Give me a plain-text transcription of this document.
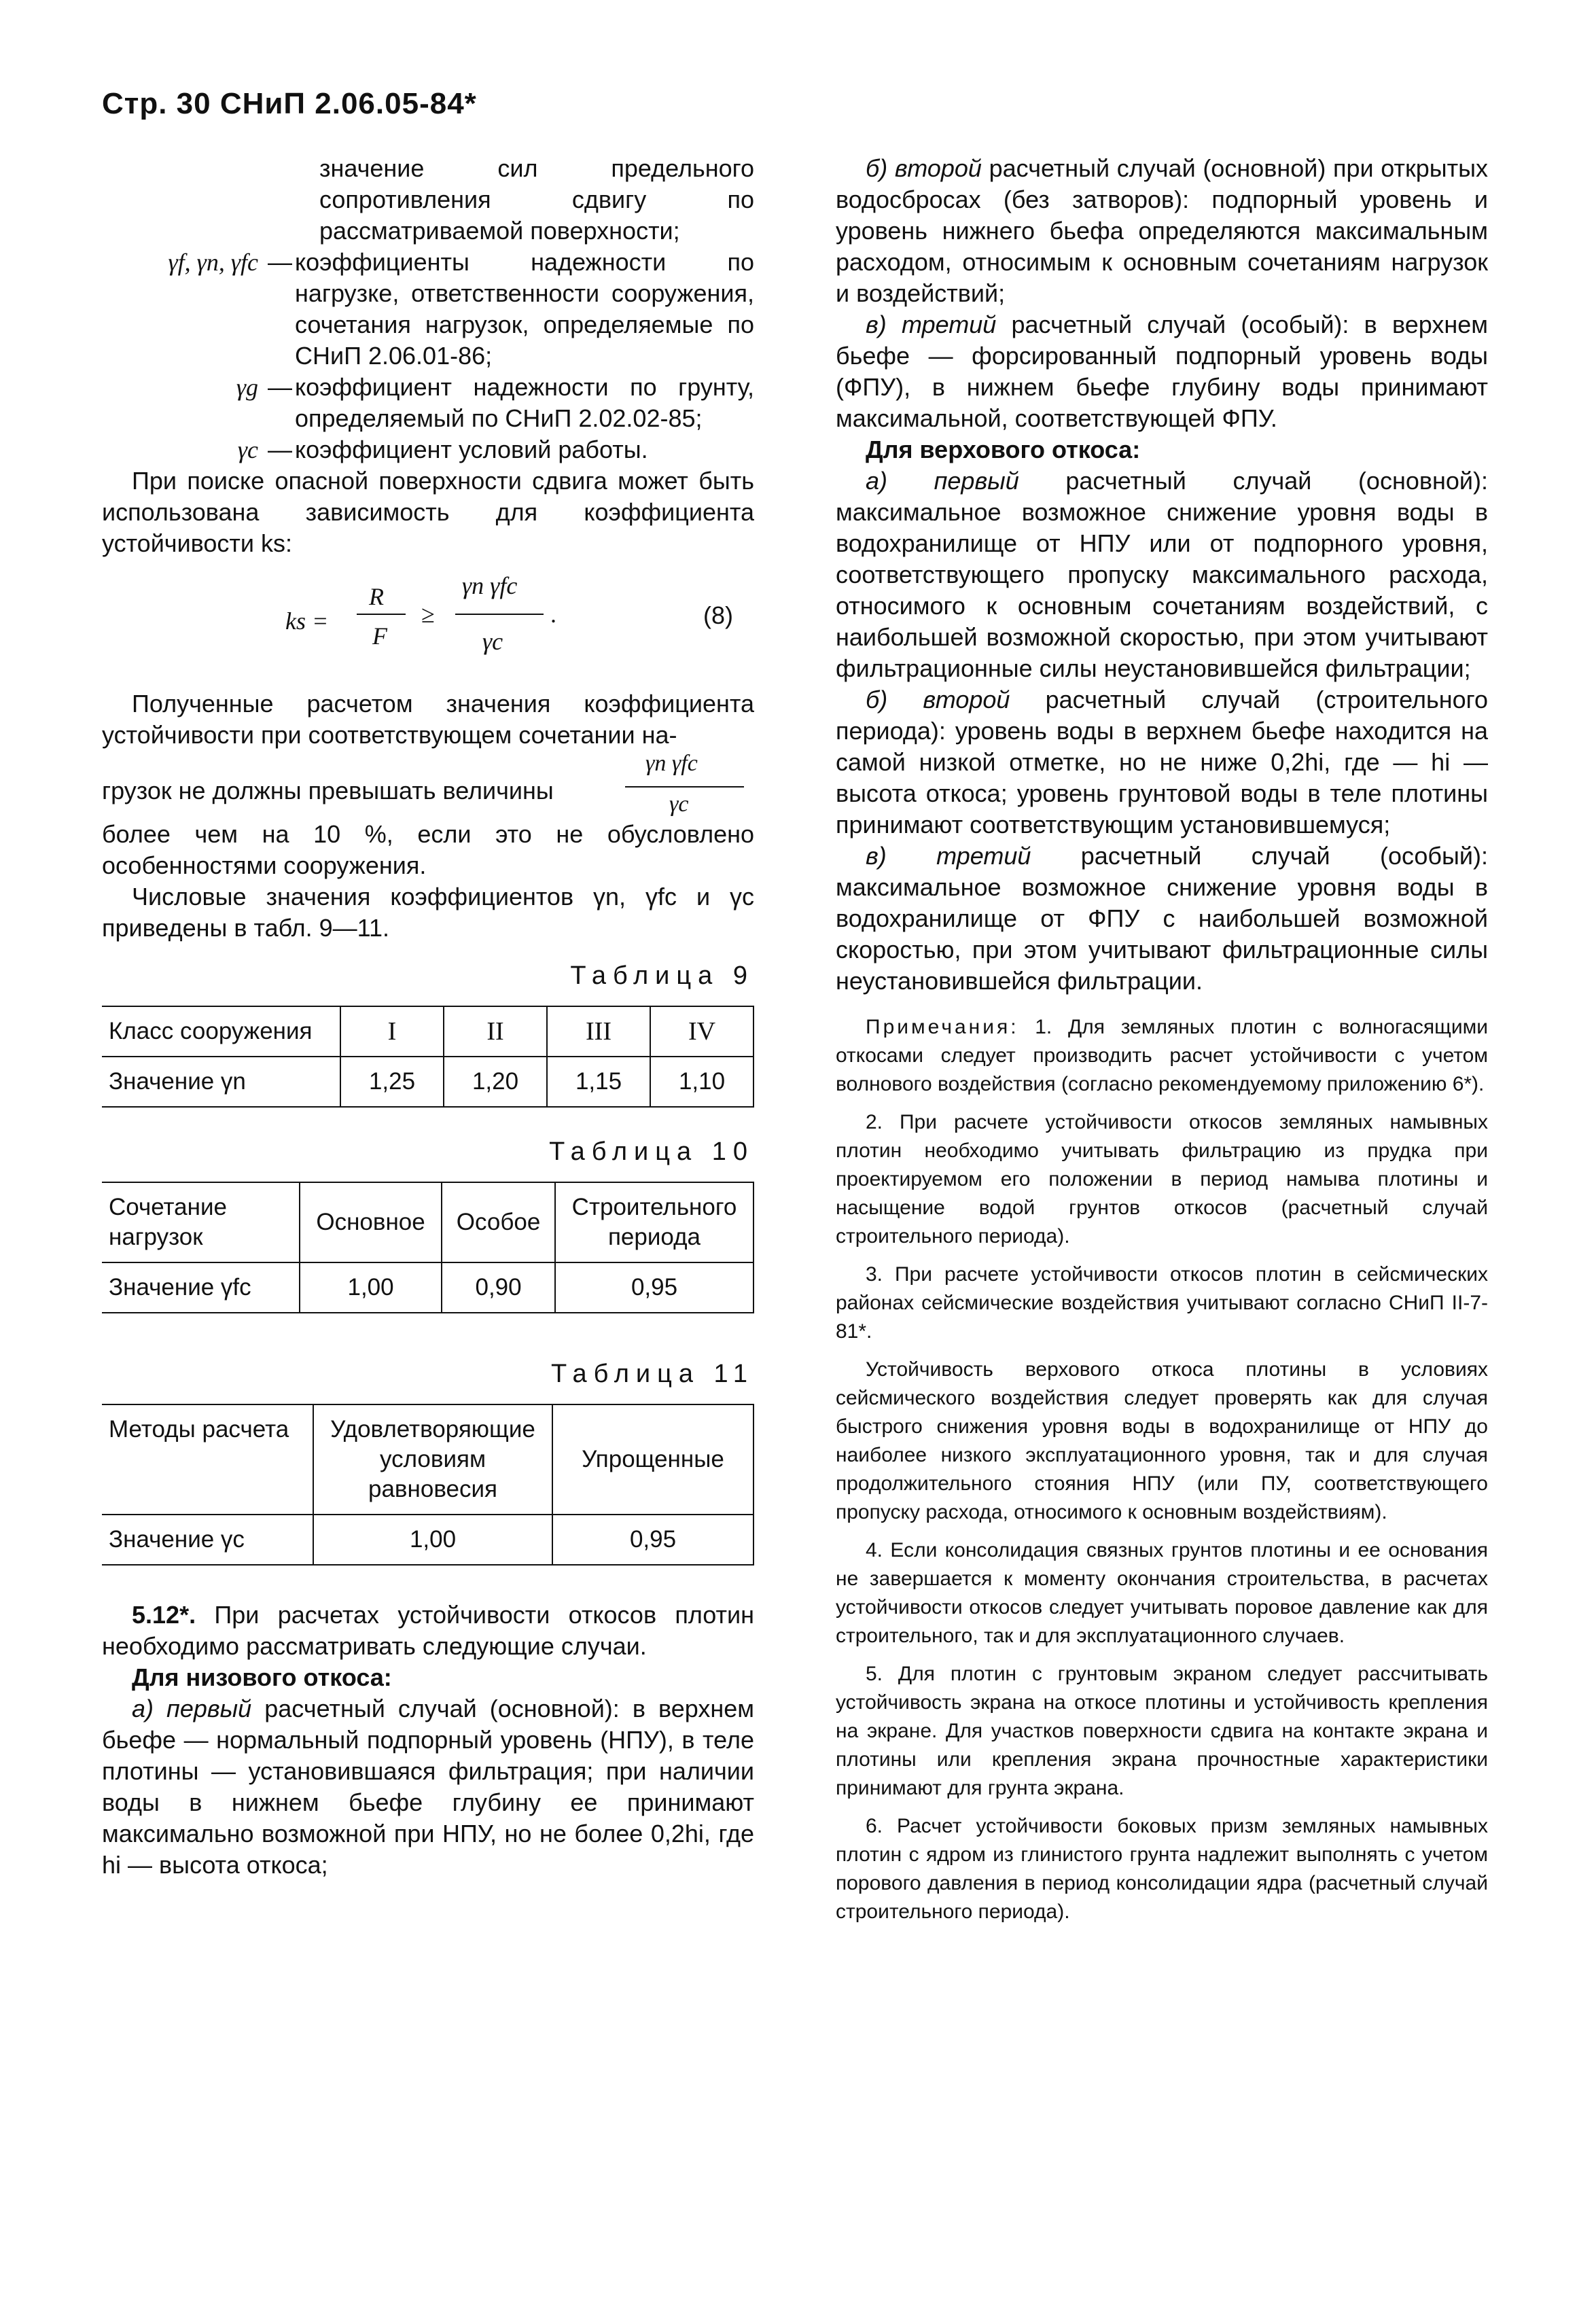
Стр. 30 СНиП 2.06.05-84*

значение сил предельного сопротивления сдвигу по рассматриваемой поверхности;

γf, γn, γfc — коэффициенты надежности по нагрузке, ответственности сооружения, сочетания нагрузок, определяемые по СНиП 2.06.01-86;
γg — коэффициент надежности по грунту, определяемый по СНиП 2.02.02-85;
γc — коэффициент условий работы.

При поиске опасной поверхности сдвига может быть использована зависимость для коэффициента устойчивости ks:

ks =
R
F
≥
γn γfc
γc
.	(8)

Полученные расчетом значения коэффициента устойчивости при соответствующем сочетании на-

грузок не должны превышать величины
γn γfc
γc

более чем на 10 %, если это не обусловлено особенностями сооружения.

Числовые значения коэффициентов γn, γfc и γc приведены в табл. 9—11.

Таблица 9
Класс сооружения	I	II	III	IV
Значение γn	1,25	1,20	1,15	1,10
Таблица 10
Сочетание нагрузок	Основное	Особое	Строительного периода
Значение γfc	1,00	0,90	0,95
Таблица 11
Методы расчета	Удовлетворяющие условиям равновесия	Упрощенные
Значение γc	1,00	0,95

5.12*. При расчетах устойчивости откосов плотин необходимо рассматривать следующие случаи.

Для низового откоса:

а) первый расчетный случай (основной): в верхнем бьефе — нормальный подпорный уровень (НПУ), в теле плотины — установившаяся фильтрация; при наличии воды в нижнем бьефе глубину ее принимают максимально возможной при НПУ, но не более 0,2hi, где hi — высота откоса;

б) второй расчетный случай (основной) при открытых водосбросах (без затворов): подпорный уровень и уровень нижнего бьефа определяются максимальным расходом, относимым к основным сочетаниям нагрузок и воздействий;

в) третий расчетный случай (особый): в верхнем бьефе — форсированный подпорный уровень воды (ФПУ), в нижнем бьефе глубину воды принимают максимальной, соответствующей ФПУ.

Для верхового откоса:

а) первый расчетный случай (основной): максимальное возможное снижение уровня воды в водохранилище от НПУ или от подпорного уровня, соответствующего пропуску максимального расхода, относимого к основным сочетаниям воздействий, с наибольшей возможной скоростью, при этом учитывают фильтрационные силы неустановившейся фильтрации;

б) второй расчетный случай (строительного периода): уровень воды в верхнем бьефе находится на самой низкой отметке, но не ниже 0,2hi, где — hi — высота откоса; уровень грунтовой воды в теле плотины принимают соответствующим установившемуся;

в) третий расчетный случай (особый): максимальное возможное снижение уровня воды в водохранилище от ФПУ с наибольшей возможной скоростью, при этом учитывают фильтрационные силы неустановившейся фильтрации.

Примечания: 1. Для земляных плотин с волногасящими откосами следует производить расчет устойчивости с учетом волнового воздействия (согласно рекомендуемому приложению 6*).

2. При расчете устойчивости откосов земляных намывных плотин необходимо учитывать фильтрацию из прудка при проектируемом его положении в период намыва плотины и насыщение водой грунтов откосов (расчетный случай строительного периода).

3. При расчете устойчивости откосов плотин в сейсмических районах сейсмические воздействия учитывают согласно СНиП II-7-81*.

Устойчивость верхового откоса плотины в условиях сейсмического воздействия следует проверять как для случая быстрого снижения уровня воды в водохранилище от НПУ до наиболее низкого эксплуатационного уровня, так и для случая продолжительного стояния НПУ (или ПУ, соответствующего пропуску расхода, относимого к основным воздействиям).

4. Если консолидация связных грунтов плотины и ее основания не завершается к моменту окончания строительства, в расчетах устойчивости откосов следует учитывать поровое давление как для строительного, так и для эксплуатационного случаев.

5. Для плотин с грунтовым экраном следует рассчитывать устойчивость экрана на откосе плотины и устойчивость крепления на экране. Для участков поверхности сдвига на контакте экрана и плотины или крепления экрана прочностные характеристики принимают для грунта экрана.

6. Расчет устойчивости боковых призм земляных намывных плотин с ядром из глинистого грунта надлежит выполнять с учетом порового давления в период консолидации ядра (расчетный случай строительного периода).
